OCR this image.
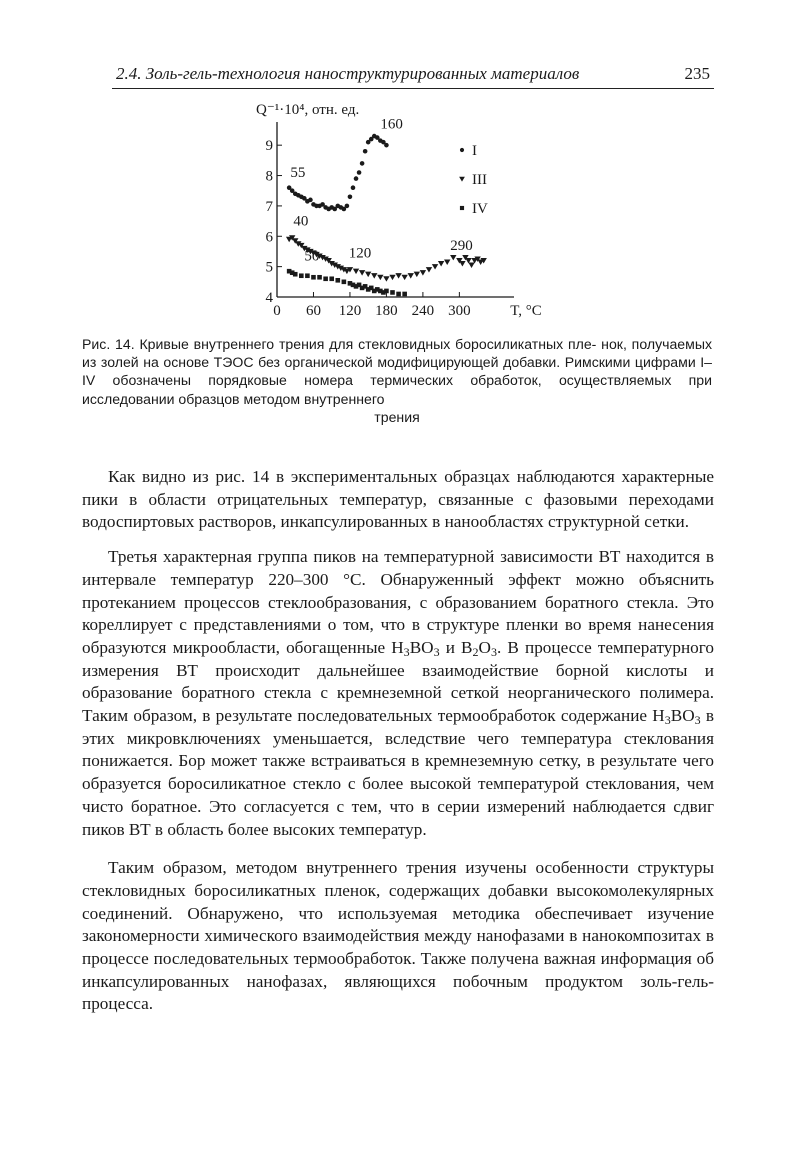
2.4. Золь-гель-технология наноструктурированных материалов	235
0 60 120 180 240 300
4
5
6
7
8
9
Q⁻¹·10⁴, отн. ед.
T, °C
55
40
50 120
160
290
I
III
IV
Рис. 14. Кривые внутреннего трения для стекловидных боросиликатных пле- нок, получаемых из золей на основе ТЭОС без органической модифицирующей добавки. Римскими цифрами I–IV обозначены порядковые номера термических обработок, осуществляемых при исследовании образцов методом внутреннего
трения

Как видно из рис. 14 в экспериментальных образцах наблюдаются характерные пики в области отрицательных температур, связанные с фазовыми переходами водоспиртовых растворов, инкапсулированных в нанообластях структурной сетки.

Третья характерная группа пиков на температурной зависимости ВТ находится в интервале температур 220–300 °С. Обнаруженный эффект можно объяснить протеканием процессов стеклообразования, с образованием боратного стекла. Это кореллирует с представлениями о том, что в структуре пленки во время нанесения образуются микрообласти, обогащенные $H_3BO_3$ и $B_2O_3$. В процессе температурного измерения ВТ происходит дальнейшее взаимодействие борной кислоты и образование боратного стекла с кремнеземной сеткой неорганического полимера. Таким образом, в результате последовательных термообработок содержание $H_3BO_3$ в этих микровключениях уменьшается, вследствие чего температура стеклования понижается. Бор может также встраиваться в кремнеземную сетку, в результате чего образуется боросиликатное стекло с более высокой температурой стеклования, чем чисто боратное. Это согласуется с тем, что в серии измерений наблюдается сдвиг пиков ВТ в область более высоких температур.

Таким образом, методом внутреннего трения изучены особенности структуры стекловидных боросиликатных пленок, содержащих добавки высокомолекулярных соединений. Обнаружено, что используемая методика обеспечивает изучение закономерности химического взаимодействия между нанофазами в нанокомпозитах в процессе последовательных термообработок. Также получена важная информация об инкапсулированных нанофазах, являющихся побочным продуктом золь-гель-процесса.
